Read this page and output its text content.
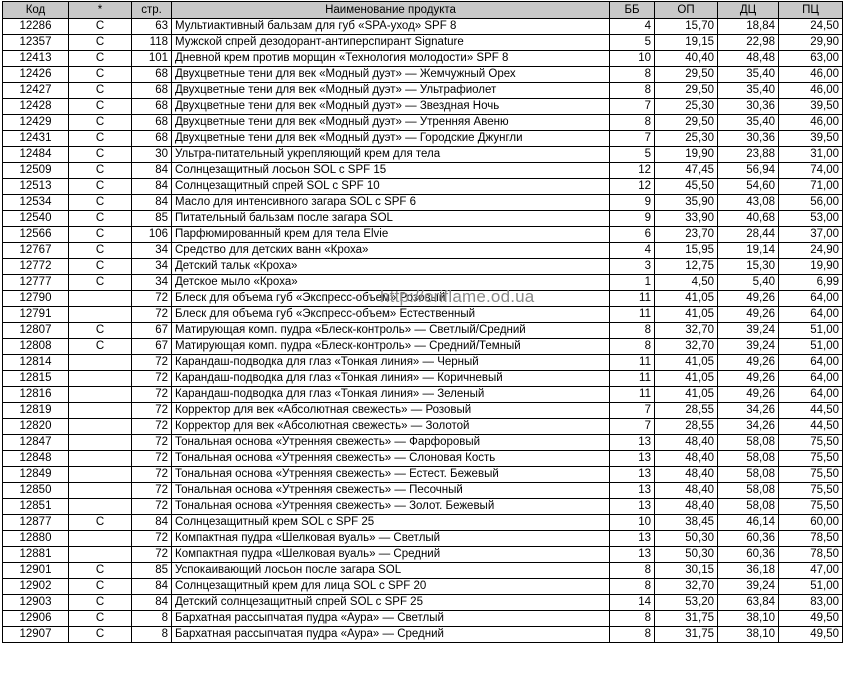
Код	*	стр.	Наименование продукта	ББ	ОП	ДЦ	ПЦ
12286	C	63	Мультиактивный бальзам для губ «SPA-уход» SPF 8	4	15,70	18,84	24,50
12357	C	118	Мужской спрей дезодорант-антиперспирант Signature	5	19,15	22,98	29,90
12413	C	101	Дневной крем против морщин «Технология молодости» SPF 8	10	40,40	48,48	63,00
12426	C	68	Двухцветные тени для век «Модный дуэт» — Жемчужный Орех	8	29,50	35,40	46,00
12427	C	68	Двухцветные тени для век «Модный дуэт» — Ультрафиолет	8	29,50	35,40	46,00
12428	C	68	Двухцветные тени для век «Модный дуэт» — Звездная Ночь	7	25,30	30,36	39,50
12429	C	68	Двухцветные тени для век «Модный дуэт» — Утренняя Авеню	8	29,50	35,40	46,00
12431	C	68	Двухцветные тени для век «Модный дуэт» — Городские Джунгли	7	25,30	30,36	39,50
12484	C	30	Ультра-питательный укрепляющий крем для тела	5	19,90	23,88	31,00
12509	C	84	Солнцезащитный лосьон SOL с SPF 15	12	47,45	56,94	74,00
12513	C	84	Солнцезащитный спрей SOL с SPF 10	12	45,50	54,60	71,00
12534	C	84	Масло для интенсивного загара SOL с SPF 6	9	35,90	43,08	56,00
12540	C	85	Питательный бальзам после загара SOL	9	33,90	40,68	53,00
12566	C	106	Парфюмированный крем для тела Elvie	6	23,70	28,44	37,00
12767	C	34	Средство для детских ванн «Кроха»	4	15,95	19,14	24,90
12772	C	34	Детский тальк «Кроха»	3	12,75	15,30	19,90
12777	C	34	Детское мыло «Кроха»	1	4,50	5,40	6,99
12790		72	Блеск для объема губ «Экспресс-объем» Розовый	11	41,05	49,26	64,00
12791		72	Блеск для объема губ «Экспресс-объем» Естественный	11	41,05	49,26	64,00
12807	C	67	Матирующая комп. пудра «Блеск-контроль» — Светлый/Средний	8	32,70	39,24	51,00
12808	C	67	Матирующая комп. пудра «Блеск-контроль» — Средний/Темный	8	32,70	39,24	51,00
12814		72	Карандаш-подводка для глаз «Тонкая линия» — Черный	11	41,05	49,26	64,00
12815		72	Карандаш-подводка для глаз «Тонкая линия» — Коричневый	11	41,05	49,26	64,00
12816		72	Карандаш-подводка для глаз «Тонкая линия» — Зеленый	11	41,05	49,26	64,00
12819		72	Корректор для век «Абсолютная свежесть» — Розовый	7	28,55	34,26	44,50
12820		72	Корректор для век «Абсолютная свежесть» — Золотой	7	28,55	34,26	44,50
12847		72	Тональная основа «Утренняя свежесть» — Фарфоровый	13	48,40	58,08	75,50
12848		72	Тональная основа «Утренняя свежесть» — Слоновая Кость	13	48,40	58,08	75,50
12849		72	Тональная основа «Утренняя свежесть» — Естест. Бежевый	13	48,40	58,08	75,50
12850		72	Тональная основа «Утренняя свежесть» — Песочный	13	48,40	58,08	75,50
12851		72	Тональная основа «Утренняя свежесть» — Золот. Бежевый	13	48,40	58,08	75,50
12877	C	84	Солнцезащитный крем SOL с SPF 25	10	38,45	46,14	60,00
12880		72	Компактная пудра «Шелковая вуаль» — Светлый	13	50,30	60,36	78,50
12881		72	Компактная пудра «Шелковая вуаль» — Средний	13	50,30	60,36	78,50
12901	C	85	Успокаивающий лосьон после загара SOL	8	30,15	36,18	47,00
12902	C	84	Солнцезащитный крем для лица SOL с SPF 20	8	32,70	39,24	51,00
12903	C	84	Детский солнцезащитный спрей SOL с SPF 25	14	53,20	63,84	83,00
12906	C	8	Бархатная рассыпчатая пудра «Аура» — Светлый	8	31,75	38,10	49,50
12907	C	8	Бархатная рассыпчатая пудра «Аура» — Средний	8	31,75	38,10	49,50
http://oriflame.od.ua
